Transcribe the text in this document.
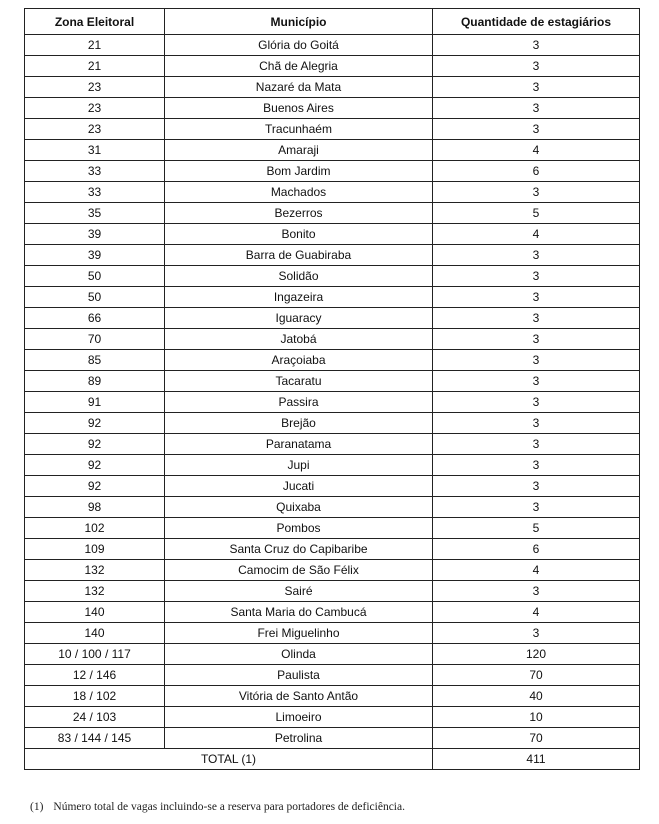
Zona Eleitoral	Município	Quantidade de estagiários
21	Glória do Goitá	3
21	Chã de Alegria	3
23	Nazaré da Mata	3
23	Buenos Aires	3
23	Tracunhaém	3
31	Amaraji	4
33	Bom Jardim	6
33	Machados	3
35	Bezerros	5
39	Bonito	4
39	Barra de Guabiraba	3
50	Solidão	3
50	Ingazeira	3
66	Iguaracy	3
70	Jatobá	3
85	Araçoiaba	3
89	Tacaratu	3
91	Passira	3
92	Brejão	3
92	Paranatama	3
92	Jupi	3
92	Jucati	3
98	Quixaba	3
102	Pombos	5
109	Santa Cruz do Capibaribe	6
132	Camocim de São Félix	4
132	Sairé	3
140	Santa Maria do Cambucá	4
140	Frei Miguelinho	3
10 / 100 / 117	Olinda	120
12 / 146	Paulista	70
18 / 102	Vitória de Santo Antão	40
24 / 103	Limoeiro	10
83 / 144 / 145	Petrolina	70
TOTAL (1)		411
(1) Número total de vagas incluindo-se a reserva para portadores de deficiência.
